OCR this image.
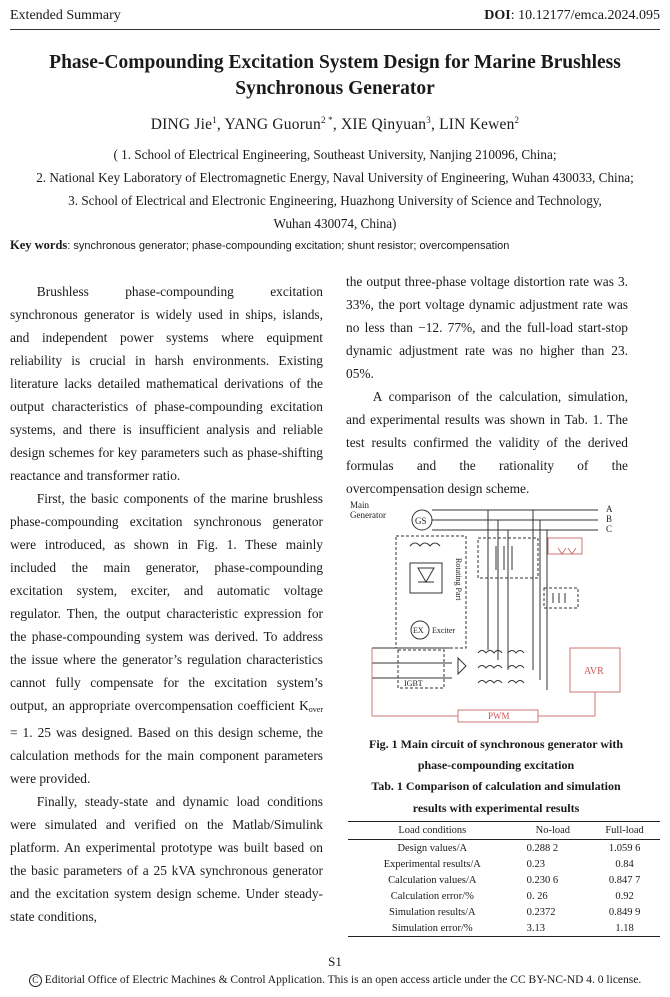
Extended Summary	DOI: 10.12177/emca.2024.095
Phase-Compounding Excitation System Design for Marine Brushless
Synchronous Generator
DING Jie$^1$, YANG Guorun$^{2 *}$, XIE Qinyuan$^3$, LIN Kewen$^2$
( 1. School of Electrical Engineering, Southeast University, Nanjing 210096, China;
2. National Key Laboratory of Electromagnetic Energy, Naval University of Engineering, Wuhan 430033, China;
3. School of Electrical and Electronic Engineering, Huazhong University of Science and Technology,
Wuhan 430074, China)
Key words: synchronous generator; phase-compounding excitation; shunt resistor; overcompensation

Brushless phase-compounding excitation synchronous generator is widely used in ships, islands, and independent power systems where equipment reliability is crucial in harsh environments. Existing literature lacks detailed mathematical derivations of the output characteristics of phase-compounding excitation systems, and there is insufficient analysis and reliable design schemes for key parameters such as phase-shifting reactance and transformer ratio.

First, the basic components of the marine brushless phase-compounding excitation synchronous generator were introduced, as shown in Fig. 1. These mainly included the main generator, phase-compounding excitation system, exciter, and automatic voltage regulator. Then, the output characteristic expression for the phase-compounding system was derived. To address the issue where the generator’s regulation characteristics cannot fully compensate for the excitation system’s output, an appropriate overcompensation coefficient $K_{over} = 1$. 25 was designed. Based on this design scheme, the calculation methods for the main component parameters were provided.

Finally, steady-state and dynamic load conditions were simulated and verified on the Matlab/Simulink platform. An experimental prototype was built based on the basic parameters of a 25 kVA synchronous generator and the excitation system design scheme. Under steady-state conditions,

the output three-phase voltage distortion rate was 3. 33%, the port voltage dynamic adjustment rate was no less than −12. 77%, and the full-load start-stop dynamic adjustment rate was no higher than 23. 05%.

A comparison of the calculation, simulation, and experimental results was shown in Tab. 1. The test results confirmed the validity of the derived formulas and the rationality of the overcompensation design scheme.

Main
Generator
GS
A
B
C
Rotating Part
EX Exciter
IGBT
AVR
PWM
Fig. 1 Main circuit of synchronous generator with
phase-compounding excitation
Tab. 1 Comparison of calculation and simulation
results with experimental results
Load conditions	No-load	Full-load
Design values/A	0.288 2	1.059 6
Experimental results/A	0.23	0.84
Calculation values/A	0.230 6	0.847 7
Calculation error/%	0. 26	0.92
Simulation results/A	0.2372	0.849 9
Simulation error/%	3.13	1.18
S1
C Editorial Office of Electric Machines & Control Application. This is an open access article under the CC BY-NC-ND 4. 0 license.
